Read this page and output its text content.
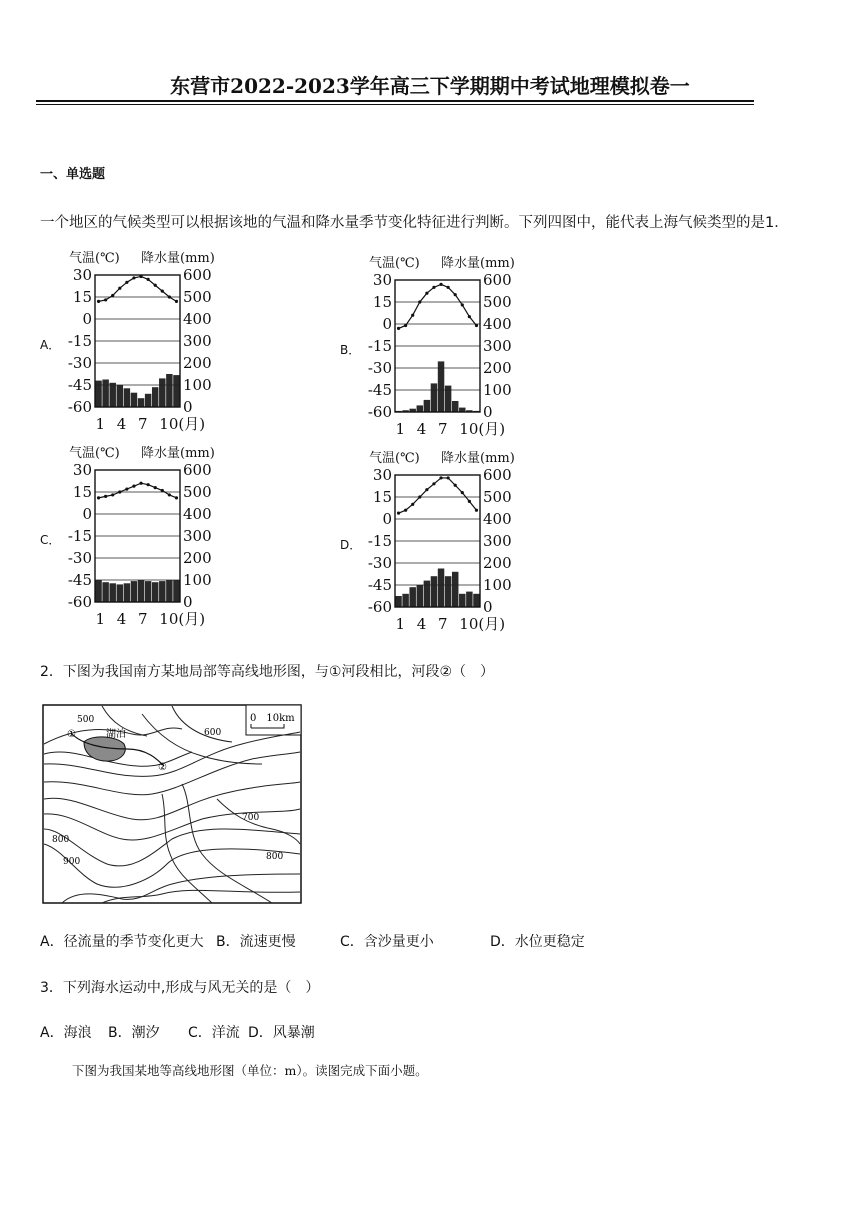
东营市2022-2023学年高三下学期期中考试地理模拟卷一
一、单选题
一个地区的气候类型可以根据该地的气温和降水量季节变化特征进行判断。下列四图中，能代表上海气候类型的是1．
气温(℃) 降水量(mm)
30	600
15	500
0	400
-15	300
-30	200
-45	100
-60	0
1 4 7 10(月)
A．
气温(℃) 降水量(mm)
30	600
15	500
0	400
-15	300
-30	200
-45	100
-60	0
1 4 7 10(月)
B．
气温(℃) 降水量(mm)
30	600
15	500
0	400
-15	300
-30	200
-45	100
-60	0
1 4 7 10(月)
C．
气温(℃) 降水量(mm)
30	600
15	500
0	400
-15	300
-30	200
-45	100
-60	0
1 4 7 10(月)
D．
2．下图为我国南方某地局部等高线地形图，与①河段相比，河段②（　）
0　10km
湖泊
①
②
500
600
700
800
900	800
A．径流量的季节变化更大 B．流速更慢	C．含沙量更小	D．水位更稳定
3．下列海水运动中,形成与风无关的是（　）
A．海浪 B．潮汐 C．洋流 D．风暴潮
下图为我国某地等高线地形图（单位：m）。读图完成下面小题。
